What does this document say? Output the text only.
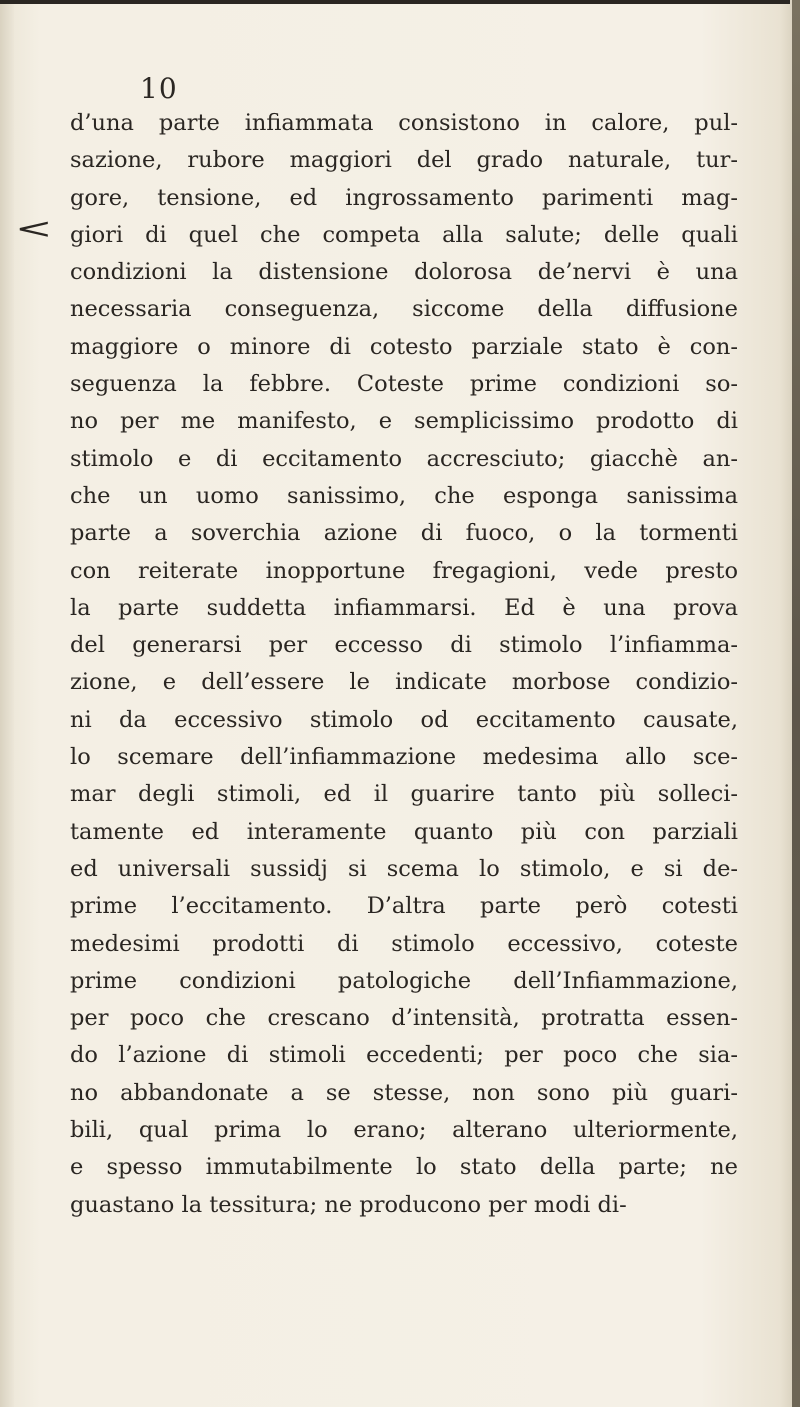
10
<
d’una parte infiammata consistono in calore, pul-
sazione, rubore maggiori del grado naturale, tur-
gore, tensione, ed ingrossamento parimenti mag-
giori di quel che competa alla salute; delle quali
condizioni la distensione dolorosa de’nervi è una
necessaria conseguenza, siccome della diffusione
maggiore o minore di cotesto parziale stato è con-
seguenza la febbre. Coteste prime condizioni so-
no per me manifesto, e semplicissimo prodotto di
stimolo e di eccitamento accresciuto; giacchè an-
che un uomo sanissimo, che esponga sanissima
parte a soverchia azione di fuoco, o la tormenti
con reiterate inopportune fregagioni, vede presto
la parte suddetta infiammarsi. Ed è una prova
del generarsi per eccesso di stimolo l’infiamma-
zione, e dell’essere le indicate morbose condizio-
ni da eccessivo stimolo od eccitamento causate,
lo scemare dell’infiammazione medesima allo sce-
mar degli stimoli, ed il guarire tanto più solleci-
tamente ed interamente quanto più con parziali
ed universali sussidj si scema lo stimolo, e si de-
prime l’eccitamento. D’altra parte però cotesti
medesimi prodotti di stimolo eccessivo, coteste
prime condizioni patologiche dell’Infiammazione,
per poco che crescano d’intensità, protratta essen-
do l’azione di stimoli eccedenti; per poco che sia-
no abbandonate a se stesse, non sono più guari-
bili, qual prima lo erano; alterano ulteriormente,
e spesso immutabilmente lo stato della parte; ne
guastano la tessitura; ne producono per modi di-
